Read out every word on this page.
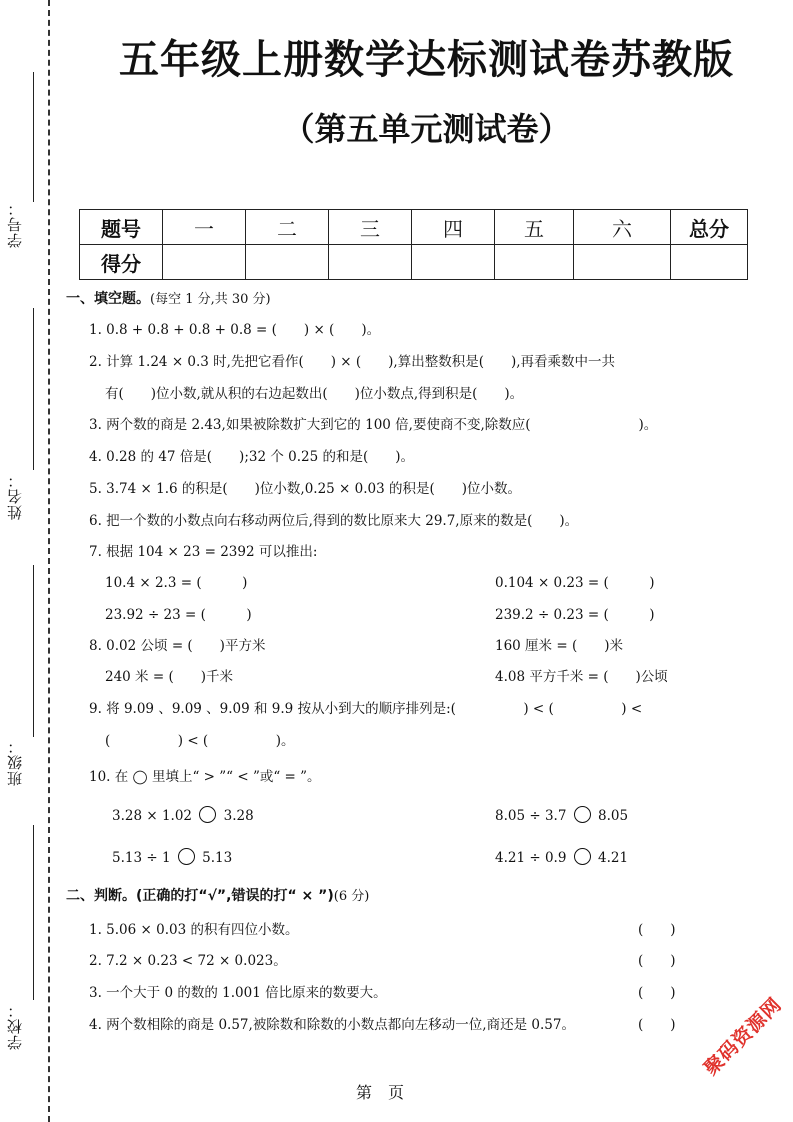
学号：
姓名：
班级：
学校：
五年级上册数学达标测试卷苏教版
（第五单元测试卷）
题号	一	二	三	四	五	六	总分
得分							
一、填空题。(每空 1 分,共 30 分)
1. 0.8 + 0.8 + 0.8 + 0.8 = (　　) × (　　)。
2. 计算 1.24 × 0.3 时,先把它看作(　　) × (　　),算出整数积是(　　),再看乘数中一共
有(　　)位小数,就从积的右边起数出(　　)位小数点,得到积是(　　)。
3. 两个数的商是 2.43,如果被除数扩大到它的 100 倍,要使商不变,除数应(　　　　　　　　)。
4. 0.28 的 47 倍是(　　);32 个 0.25 的和是(　　)。
5. 3.74 × 1.6 的积是(　　)位小数,0.25 × 0.03 的积是(　　)位小数。
6. 把一个数的小数点向右移动两位后,得到的数比原来大 29.7,原来的数是(　　)。
7. 根据 104 × 23 = 2392 可以推出:
10.4 × 2.3 = (　　　)	0.104 × 0.23 = (　　　)
23.92 ÷ 23 = (　　　)	239.2 ÷ 0.23 = (　　　)
8. 0.02 公顷 = (　　)平方米	160 厘米 = (　　)米
240 米 = (　　)千米	4.08 平方千米 = (　　)公顷
9. 将 9.09 、9.09̇ 、9.0̇9̇ 和 9.9 按从小到大的顺序排列是:(　　　　　) < (　　　　　) <
(　　　　　) < (　　　　　)。
10. 在 ◯ 里填上“ > ”“ < ”或“ = ”。
3.28 × 1.02 3.28	8.05 ÷ 3.7 8.05
5.13 ÷ 1 5.13	4.21 ÷ 0.9 4.21
二、判断。(正确的打“√”,错误的打“ × ”)(6 分)
1. 5.06 × 0.03 的积有四位小数。	(　　)
2. 7.2 × 0.23 < 72 × 0.023。	(　　)
3. 一个大于 0 的数的 1.001 倍比原来的数要大。	(　　)
4. 两个数相除的商是 0.57,被除数和除数的小数点都向左移动一位,商还是 0.57。	(　　)
第　页
聚码资源网
